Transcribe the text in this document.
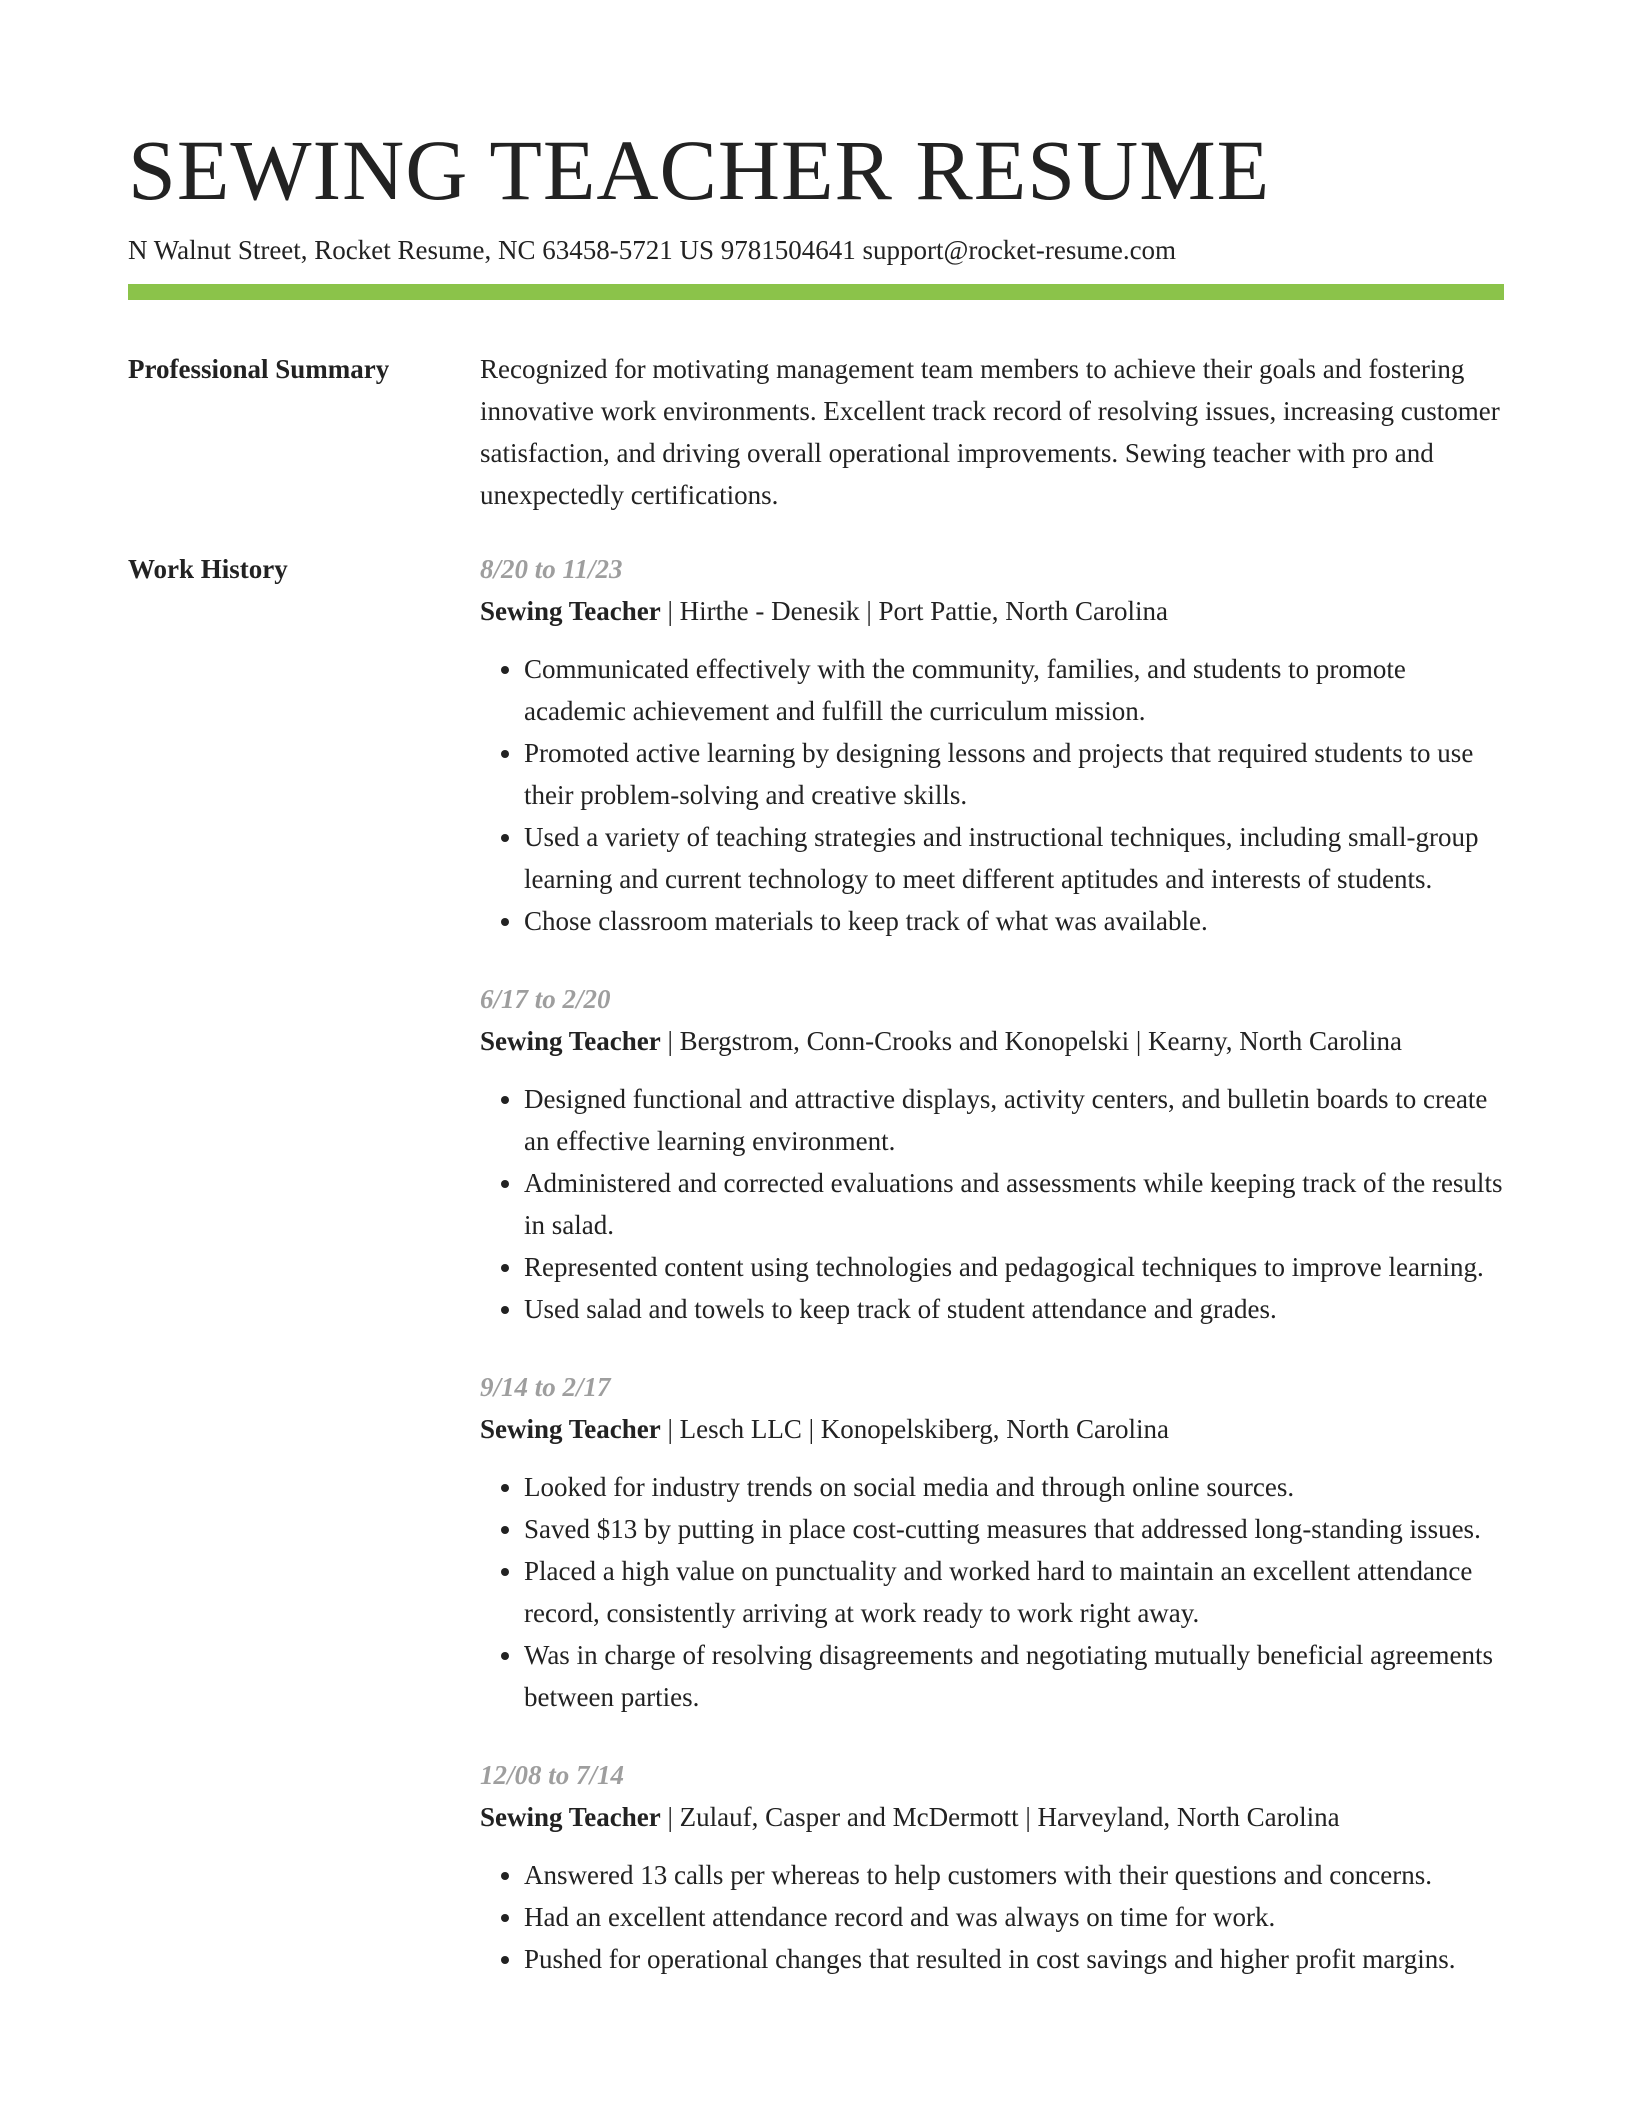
SEWING TEACHER RESUME
N Walnut Street, Rocket Resume, NC 63458-5721 US 9781504641 support@rocket-resume.com
Professional Summary	Recognized for motivating management team members to achieve their goals and fostering innovative work environments. Excellent track record of resolving issues, increasing customer satisfaction, and driving overall operational improvements. Sewing teacher with pro and unexpectedly certifications.
Work History	8/20 to 11/23
Sewing Teacher | Hirthe - Denesik | Port Pattie, North Carolina
• Communicated effectively with the community, families, and students to promote academic achievement and fulfill the curriculum mission.
• Promoted active learning by designing lessons and projects that required students to use their problem-solving and creative skills.
• Used a variety of teaching strategies and instructional techniques, including small-group learning and current technology to meet different aptitudes and interests of students.
• Chose classroom materials to keep track of what was available.
6/17 to 2/20
Sewing Teacher | Bergstrom, Conn-Crooks and Konopelski | Kearny, North Carolina
• Designed functional and attractive displays, activity centers, and bulletin boards to create an effective learning environment.
• Administered and corrected evaluations and assessments while keeping track of the results in salad.
• Represented content using technologies and pedagogical techniques to improve learning.
• Used salad and towels to keep track of student attendance and grades.
9/14 to 2/17
Sewing Teacher | Lesch LLC | Konopelskiberg, North Carolina
• Looked for industry trends on social media and through online sources.
• Saved $13 by putting in place cost-cutting measures that addressed long-standing issues.
• Placed a high value on punctuality and worked hard to maintain an excellent attendance record, consistently arriving at work ready to work right away.
• Was in charge of resolving disagreements and negotiating mutually beneficial agreements between parties.
12/08 to 7/14
Sewing Teacher | Zulauf, Casper and McDermott | Harveyland, North Carolina
• Answered 13 calls per whereas to help customers with their questions and concerns.
• Had an excellent attendance record and was always on time for work.
• Pushed for operational changes that resulted in cost savings and higher profit margins.
